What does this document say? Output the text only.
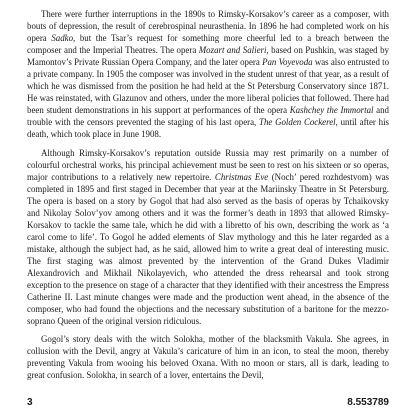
There were further interruptions in the 1890s to Rimsky-Korsakov’s career as a composer, with bouts of depression, the result of cerebrospinal neurasthenia. In 1896 he had completed work on his opera Sadko, but the Tsar’s request for something more cheerful led to a breach between the composer and the Imperial Theatres. The opera Mozart and Salieri, based on Pushkin, was staged by Mamontov’s Private Russian Opera Company, and the later opera Pan Voyevoda was also entrusted to a private company. In 1905 the composer was involved in the student unrest of that year, as a result of which he was dismissed from the position he had held at the St Petersburg Conservatory since 1871. He was reinstated, with Glazunov and others, under the more liberal policies that followed. There had been student demonstrations in his support at performances of the opera Kashchey the Immortal and trouble with the censors prevented the staging of his last opera, The Golden Cockerel, until after his death, which took place in June 1908.

Although Rimsky-Korsakov’s reputation outside Russia may rest primarily on a number of colourful orchestral works, his principal achievement must be seen to rest on his sixteen or so operas, major contributions to a relatively new repertoire. Christmas Eve (Noch’ pered rozhdestvom) was completed in 1895 and first staged in December that year at the Mariinsky Theatre in St Petersburg. The opera is based on a story by Gogol that had also served as the basis of operas by Tchaikovsky and Nikolay Solov’yov among others and it was the former’s death in 1893 that allowed Rimsky-Korsakov to tackle the same tale, which he did with a libretto of his own, describing the work as ‘a carol come to life’. To Gogol he added elements of Slav mythology and this he later regarded as a mistake, although the subject had, as he said, allowed him to write a great deal of interesting music. The first staging was almost prevented by the intervention of the Grand Dukes Vladimir Alexandrovich and Mikhail Nikolayevich, who attended the dress rehearsal and took strong exception to the presence on stage of a character that they identified with their ancestress the Empress Catherine II. Last minute changes were made and the production went ahead, in the absence of the composer, who had found the objections and the necessary substitution of a baritone for the mezzo-soprano Queen of the original version ridiculous.

Gogol’s story deals with the witch Solokha, mother of the blacksmith Vakula. She agrees, in collusion with the Devil, angry at Vakula’s caricature of him in an icon, to steal the moon, thereby preventing Vakula from wooing his beloved Oxana. With no moon or stars, all is dark, leading to great confusion. Solokha, in search of a lover, entertains the Devil,

3	8.553789
